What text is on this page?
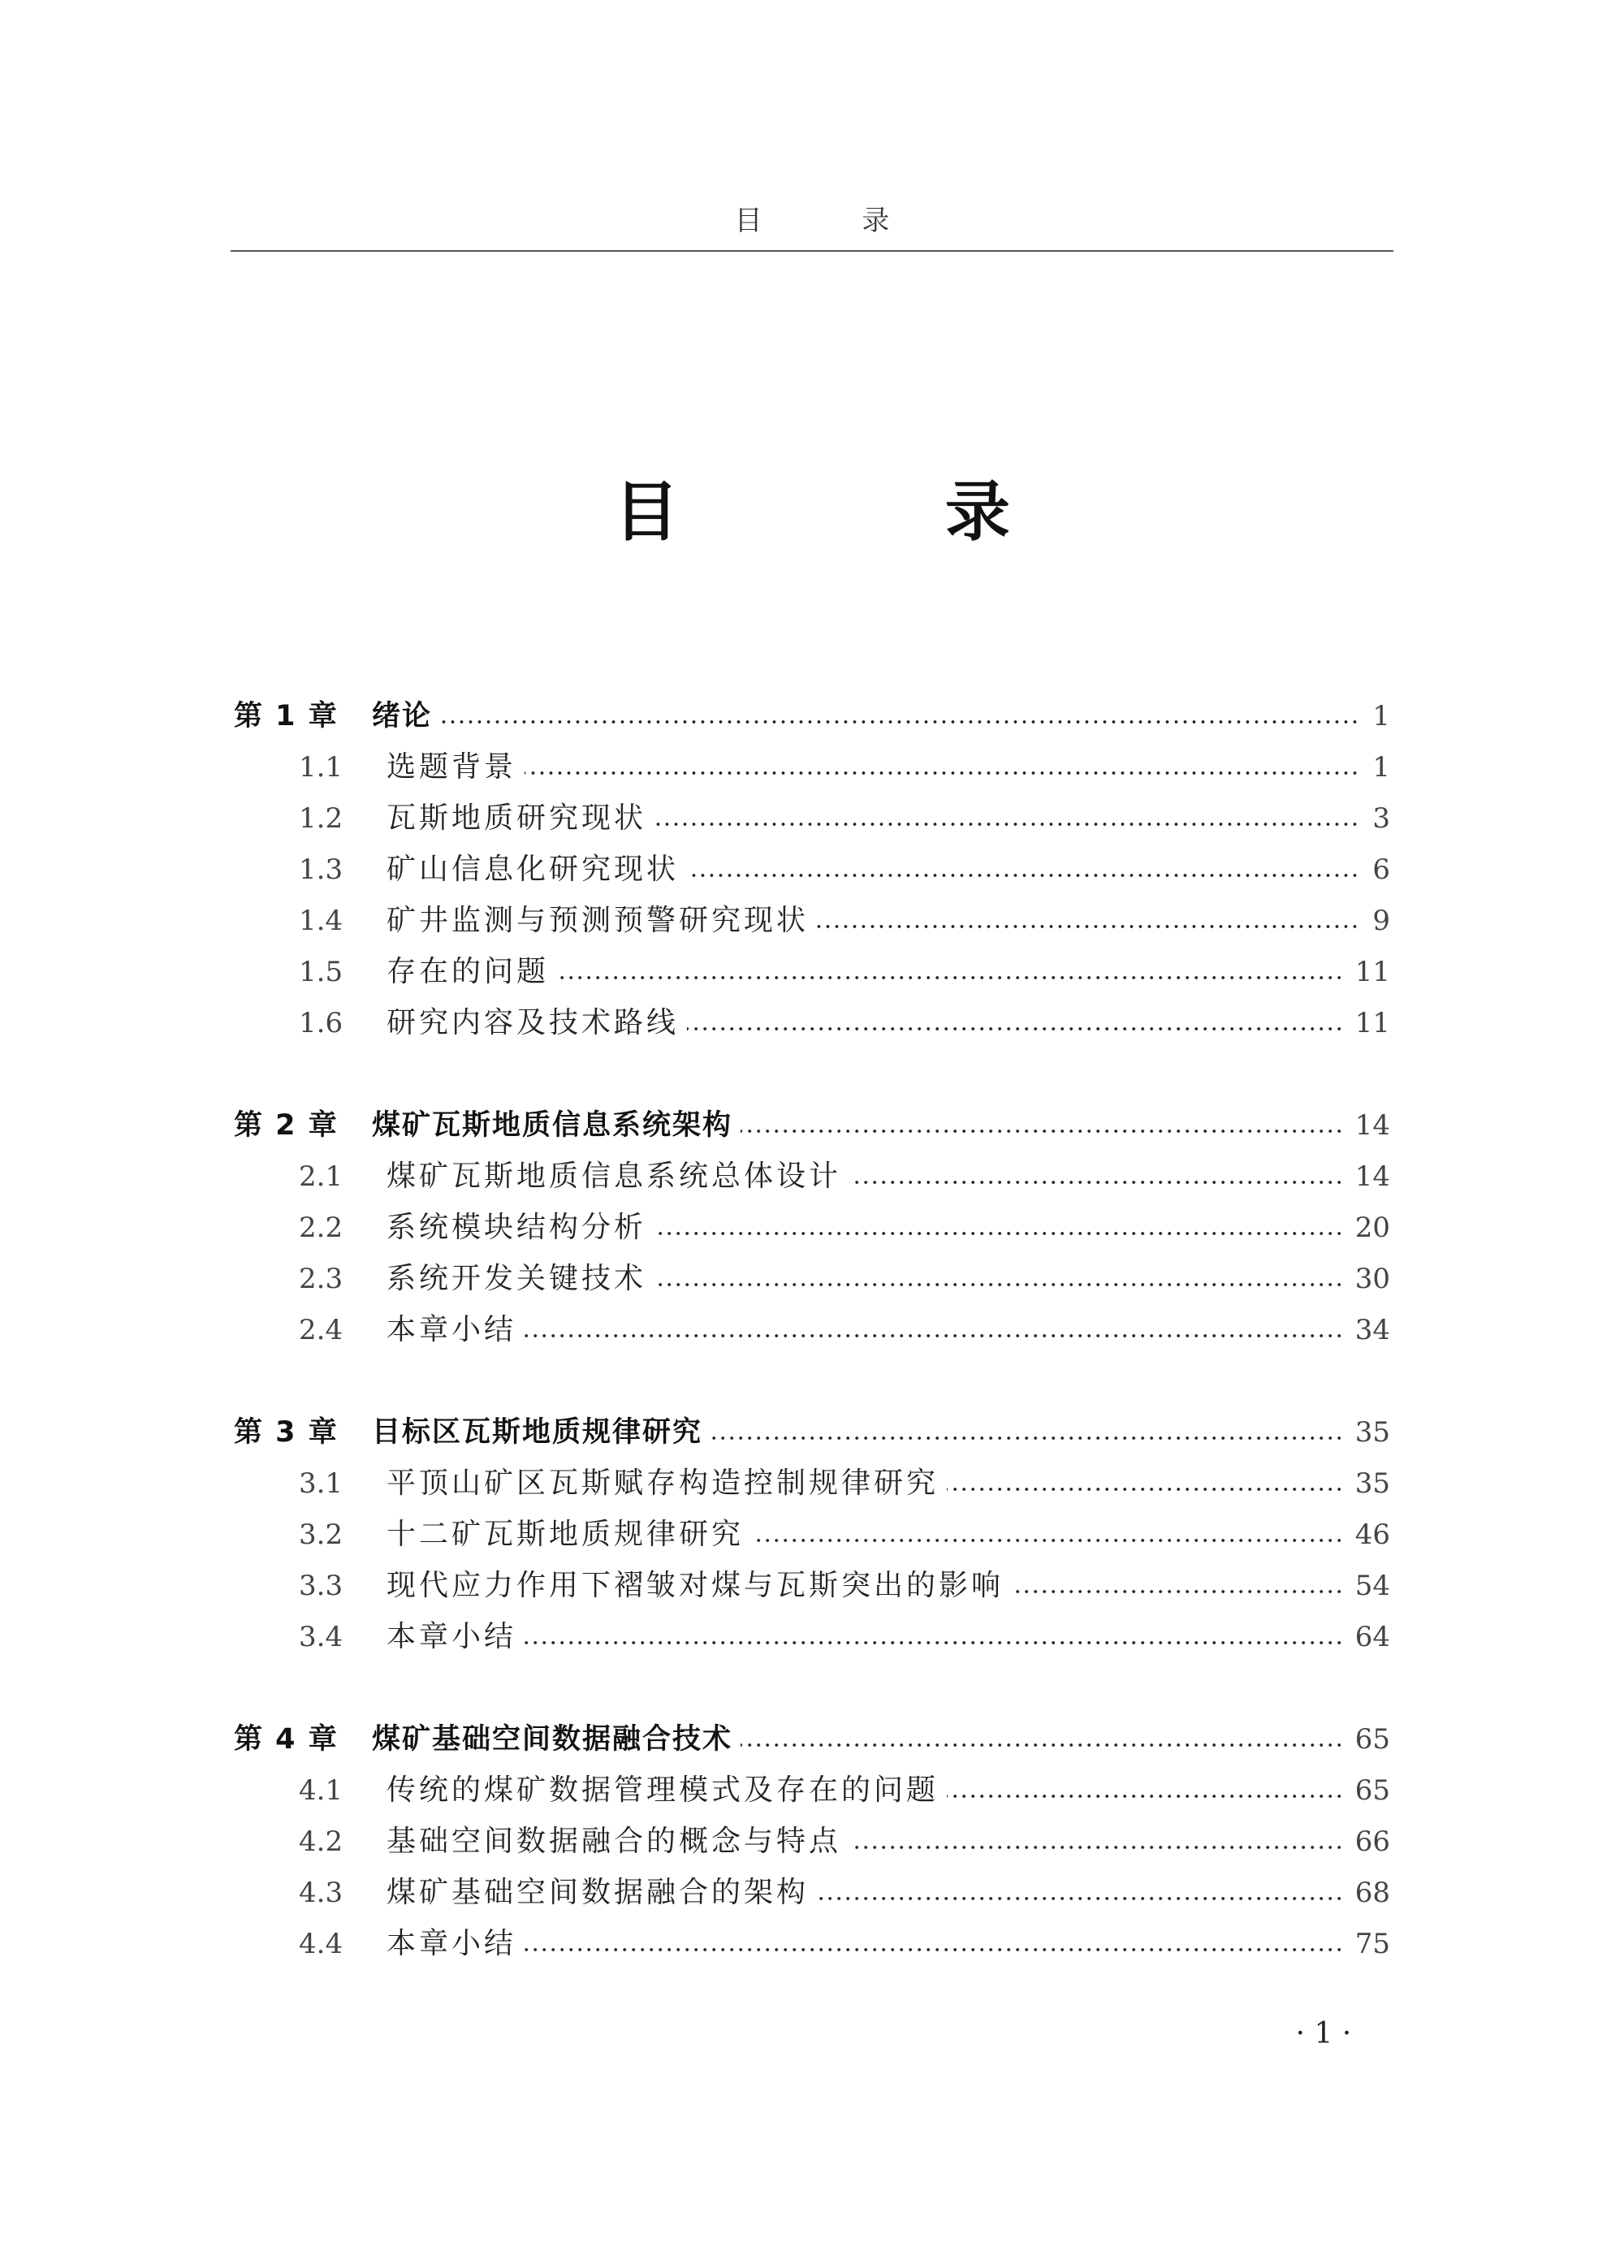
目 录
目 录
第 1 章	绪论	1
1.1	选题背景	1
1.2	瓦斯地质研究现状	3
1.3	矿山信息化研究现状	6
1.4	矿井监测与预测预警研究现状	9
1.5	存在的问题	11
1.6	研究内容及技术路线	11
第 2 章	煤矿瓦斯地质信息系统架构	14
2.1	煤矿瓦斯地质信息系统总体设计	14
2.2	系统模块结构分析	20
2.3	系统开发关键技术	30
2.4	本章小结	34
第 3 章	目标区瓦斯地质规律研究	35
3.1	平顶山矿区瓦斯赋存构造控制规律研究	35
3.2	十二矿瓦斯地质规律研究	46
3.3	现代应力作用下褶皱对煤与瓦斯突出的影响	54
3.4	本章小结	64
第 4 章	煤矿基础空间数据融合技术	65
4.1	传统的煤矿数据管理模式及存在的问题	65
4.2	基础空间数据融合的概念与特点	66
4.3	煤矿基础空间数据融合的架构	68
4.4	本章小结	75
· 1 ·
